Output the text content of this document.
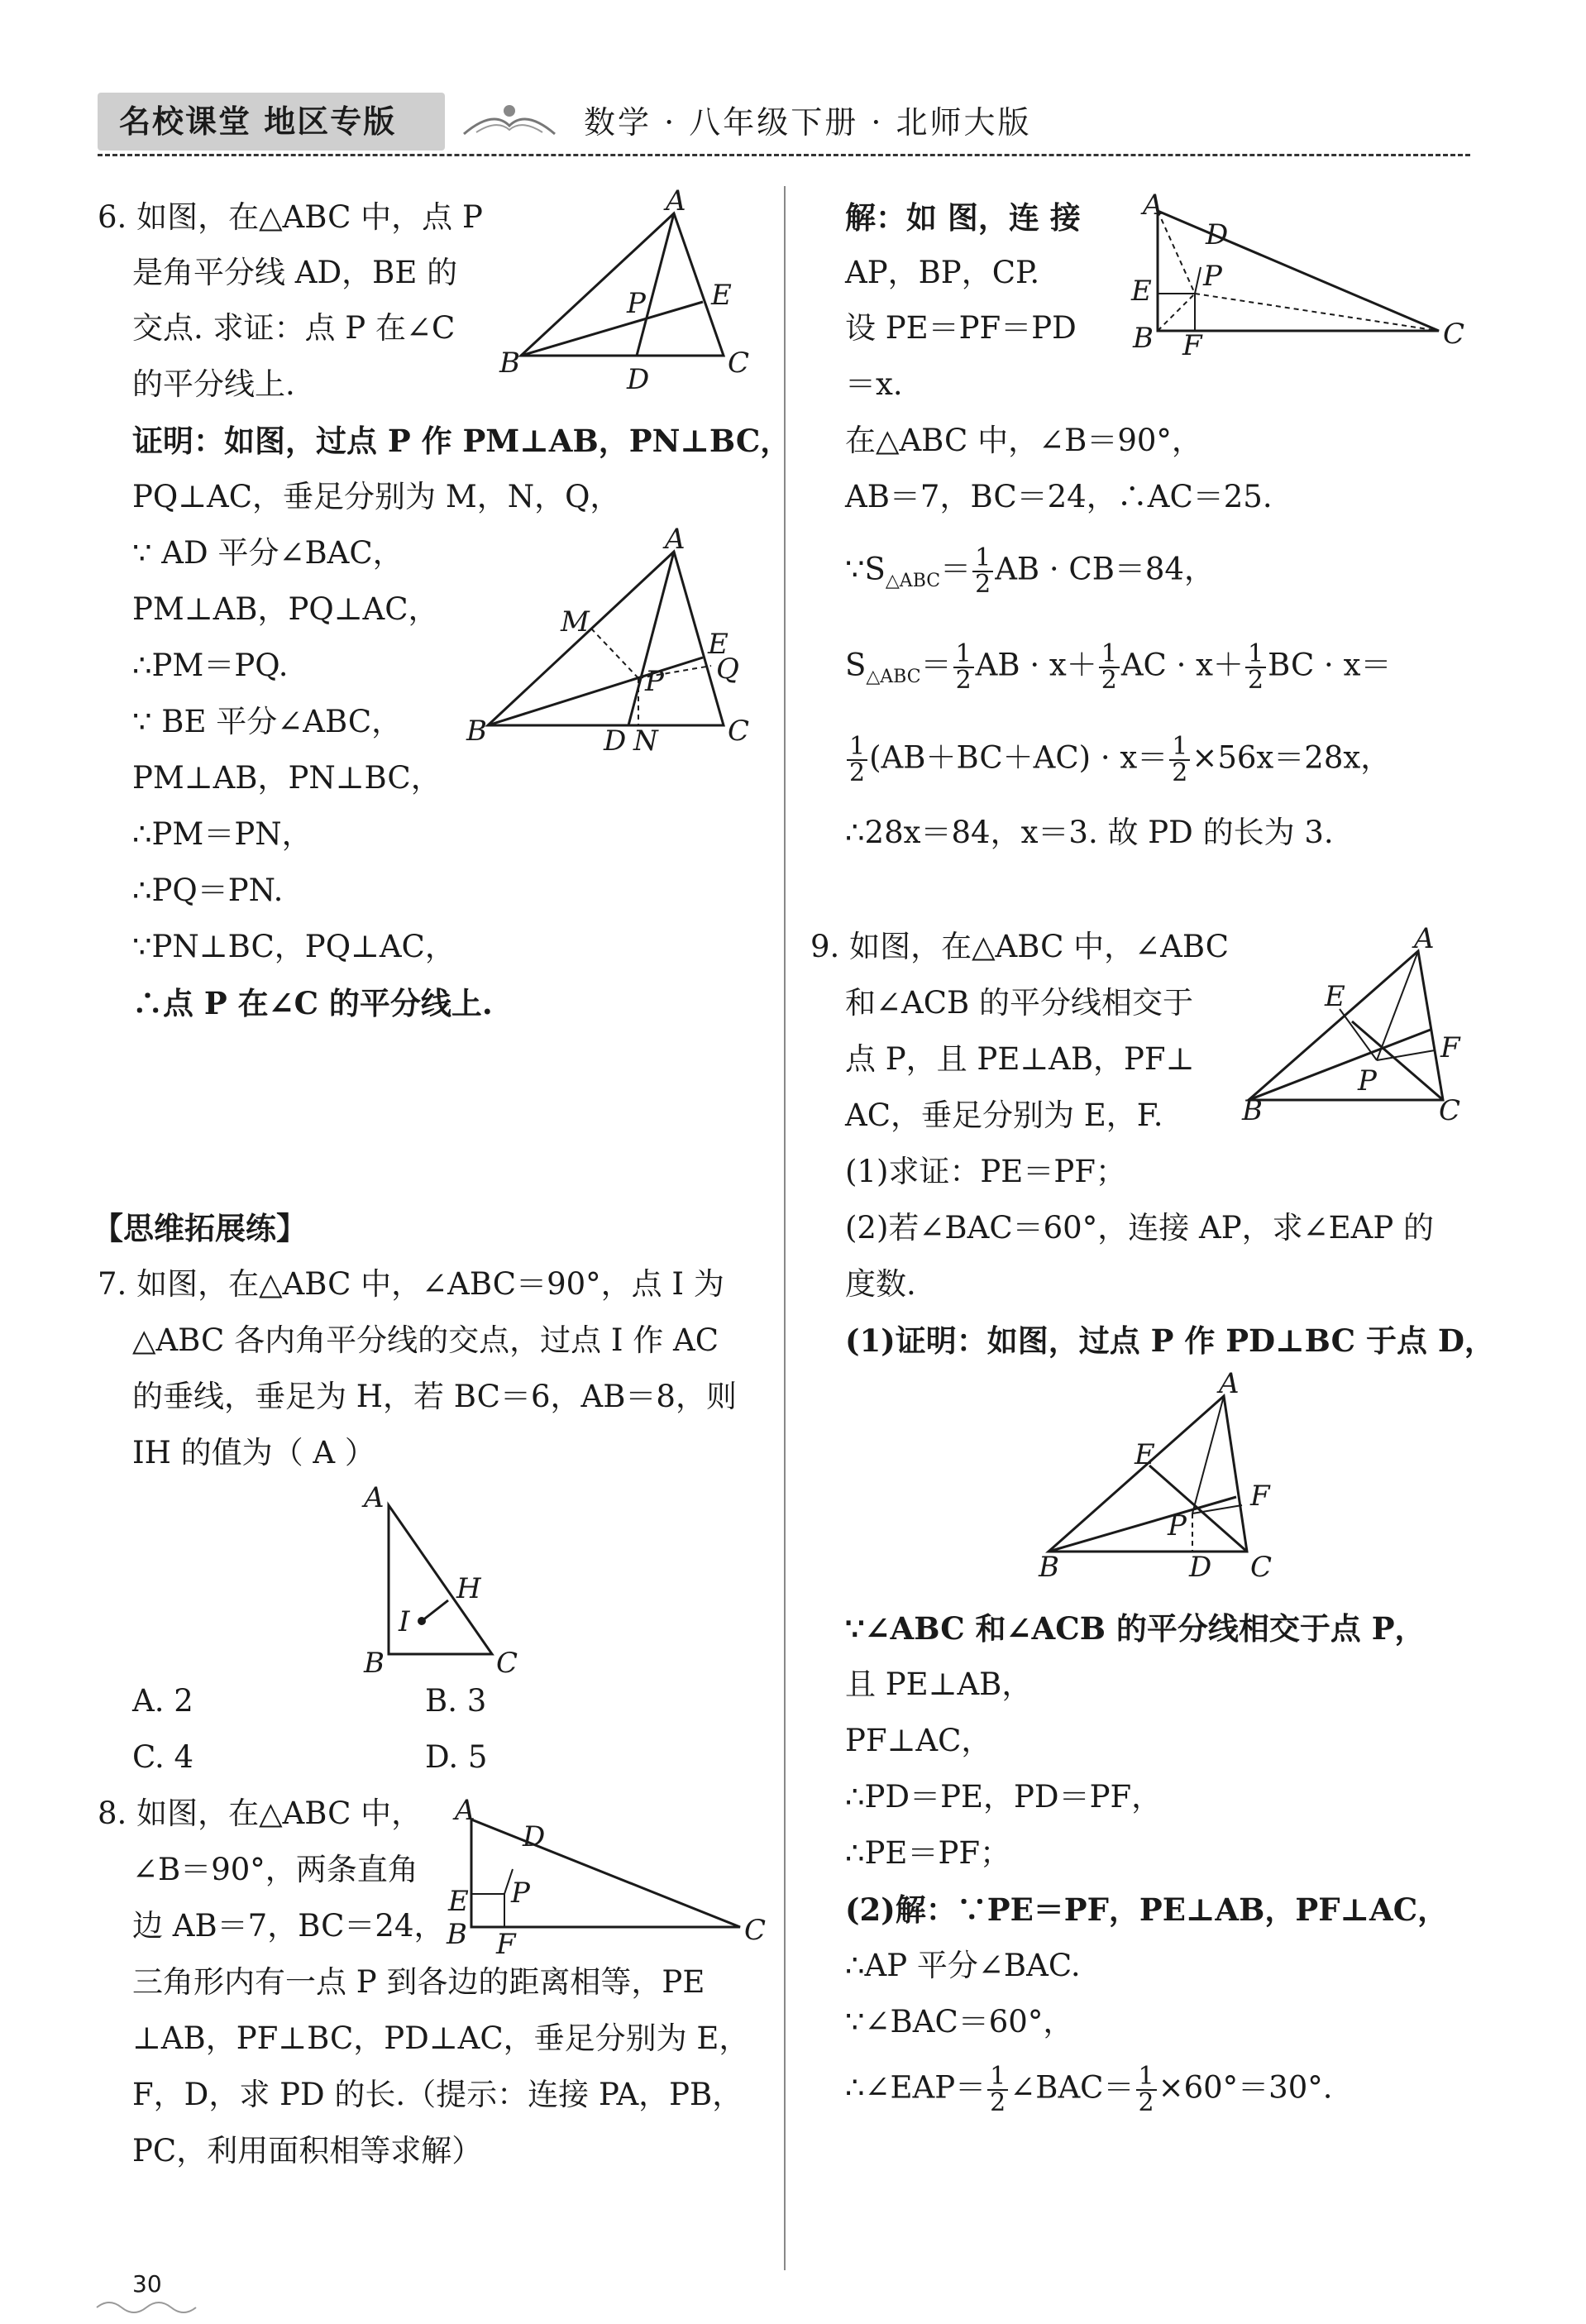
名校课堂 地区专版	数学 · 八年级下册 · 北师大版
6. 如图，在△ABC 中，点 P
是角平分线 AD，BE 的
交点. 求证：点 P 在∠C
的平分线上.
证明：如图，过点 P 作 PM⊥AB，PN⊥BC，
PQ⊥AC，垂足分别为 M，N，Q，
∵ AD 平分∠BAC，
PM⊥AB，PQ⊥AC，
∴PM＝PQ.
∵ BE 平分∠ABC，
PM⊥AB，PN⊥BC，
∴PM＝PN，
∴PQ＝PN.
∵PN⊥BC，PQ⊥AC，
∴点 P 在∠C 的平分线上.
【思维拓展练】
7. 如图，在△ABC 中，∠ABC＝90°，点 I 为
△ABC 各内角平分线的交点，过点 I 作 AC
的垂线，垂足为 H，若 BC＝6，AB＝8，则
IH 的值为（ A ）
A. 2	B. 3
C. 4	D. 5
8. 如图，在△ABC 中，
∠B＝90°，两条直角
边 AB＝7，BC＝24，
三角形内有一点 P 到各边的距离相等，PE
⊥AB，PF⊥BC，PD⊥AC，垂足分别为 E，
F，D，求 PD 的长.（提示：连接 PA，PB，
PC，利用面积相等求解）
解：如 图，连 接
AP，BP，CP.
设 PE＝PF＝PD
＝x.
在△ABC 中，∠B＝90°，
AB＝7，BC＝24，∴AC＝25.
∴28x＝84，x＝3. 故 PD 的长为 3.
9. 如图，在△ABC 中，∠ABC
和∠ACB 的平分线相交于
点 P，且 PE⊥AB，PF⊥
AC，垂足分别为 E，F.
(1)求证：PE＝PF；
(2)若∠BAC＝60°，连接 AP，求∠EAP 的
度数.
(1)证明：如图，过点 P 作 PD⊥BC 于点 D，
∵∠ABC 和∠ACB 的平分线相交于点 P，
且 PE⊥AB，
PF⊥AC，
∴PD＝PE，PD＝PF，
∴PE＝PF；
(2)解：∵PE＝PF，PE⊥AB，PF⊥AC，
∴AP 平分∠BAC.
∵∠BAC＝60°，
$\because S_{\triangle ABC}= \frac{1}{2}$ AB · CB＝84，
$S_{\triangle ABC}= \frac{1}{2}$ AB · $x+ \frac{1}{2}$ AC · $x+ \frac{1}{2}$ BC · x＝
$\frac{1}{2} (AB+BC+AC) \cdot x= \frac{1}{2} \times 56x=28x$，
∴∠EAP＝ $\frac{1}{2}$ ∠BAC＝ $\frac{1}{2} \times 60^\circ=30^\circ$.
A
B	C
D
E
P
A
B	C
D N
E
Q
M
P
A
B	C
I
H
A
B	C
D
E
F
P
A
B	C
D
E
F
P
A
B	C
E
F
P
A
B	C
D
E
F
P
30
